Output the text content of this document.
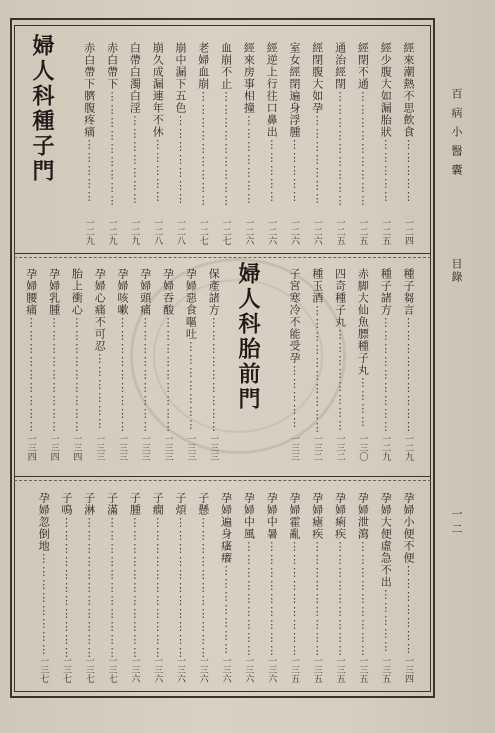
百病小醫囊
目錄
一二
婦人科種子門
婦人科胎前門
經來潮熱不思飲食⋮⋮⋮⋮⋮
一二四
經少腹大如漏胎狀⋮⋮⋮⋮⋮
一二五
經閉不通⋮⋮⋮⋮⋮⋮⋮⋮⋮
一二五
通治經閉⋮⋮⋮⋮⋮⋮⋮⋮⋮
一二五
經閉腹大如孕⋮⋮⋮⋮⋮⋮⋮
一二六
室女經閉遍身浮腫⋮⋮⋮⋮⋮
一二六
經逆上行往口鼻出⋮⋮⋮⋮⋮
一二六
經來房事相撞⋮⋮⋮⋮⋮⋮⋮
一二六
血崩不止⋮⋮⋮⋮⋮⋮⋮⋮⋮
一二七
老婦血崩⋮⋮⋮⋮⋮⋮⋮⋮⋮
一二七
崩中漏下五色⋮⋮⋮⋮⋮⋮⋮
一二八
崩久成漏連年不休⋮⋮⋮⋮⋮
一二八
白帶白濁白淫⋮⋮⋮⋮⋮⋮⋮
一二九
赤白帶下⋮⋮⋮⋮⋮⋮⋮⋮⋮
一二九
赤白帶下臍腹疼痛⋮⋮⋮⋮⋮
一二九
種子芻言⋮⋮⋮⋮⋮⋮⋮⋮⋮
一二九
種子諸方⋮⋮⋮⋮⋮⋮⋮⋮⋮
一二九
赤脚大仙魚膘種子丸⋮⋮⋮⋮
一三〇
四奇種子丸⋮⋮⋮⋮⋮⋮⋮⋮
一三二
種玉酒⋮⋮⋮⋮⋮⋮⋮⋮⋮⋮
一三二
子宮寒冷不能受孕⋮⋮⋮⋮⋮
一三三
保產諸方⋮⋮⋮⋮⋮⋮⋮⋮⋮
一三三
孕婦惡食嘔吐⋮⋮⋮⋮⋮⋮⋮
一三三
孕婦吞酸⋮⋮⋮⋮⋮⋮⋮⋮⋮
一三三
孕婦頭痛⋮⋮⋮⋮⋮⋮⋮⋮⋮
一三三
孕婦咳嗽⋮⋮⋮⋮⋮⋮⋮⋮⋮
一三三
孕婦心痛不可忍⋮⋮⋮⋮⋮⋮
一三三
胎上衝心⋮⋮⋮⋮⋮⋮⋮⋮⋮
一三四
孕婦乳腫⋮⋮⋮⋮⋮⋮⋮⋮⋮
一三四
孕婦腰痛⋮⋮⋮⋮⋮⋮⋮⋮⋮
一三四
孕婦小便不便⋮⋮⋮⋮⋮⋮⋮
一三四
孕婦大便虛急不出⋮⋮⋮⋮⋮
一三五
孕婦泄瀉⋮⋮⋮⋮⋮⋮⋮⋮⋮
一三五
孕婦痢疾⋮⋮⋮⋮⋮⋮⋮⋮⋮
一三五
孕婦瘧疾⋮⋮⋮⋮⋮⋮⋮⋮⋮
一三五
孕婦霍亂⋮⋮⋮⋮⋮⋮⋮⋮⋮
一三五
孕婦中暑⋮⋮⋮⋮⋮⋮⋮⋮⋮
一三六
孕婦中風⋮⋮⋮⋮⋮⋮⋮⋮⋮
一三六
孕婦遍身瘙癢⋮⋮⋮⋮⋮⋮⋮
一三六
子懸⋮⋮⋮⋮⋮⋮⋮⋮⋮⋮⋮
一三六
子煩⋮⋮⋮⋮⋮⋮⋮⋮⋮⋮⋮
一三六
子癇⋮⋮⋮⋮⋮⋮⋮⋮⋮⋮⋮
一三六
子腫⋮⋮⋮⋮⋮⋮⋮⋮⋮⋮⋮
一三六
子滿⋮⋮⋮⋮⋮⋮⋮⋮⋮⋮⋮
一三七
子淋⋮⋮⋮⋮⋮⋮⋮⋮⋮⋮⋮
一三七
子鳴⋮⋮⋮⋮⋮⋮⋮⋮⋮⋮⋮
一三七
孕婦忽倒地⋮⋮⋮⋮⋮⋮⋮⋮
一三七
